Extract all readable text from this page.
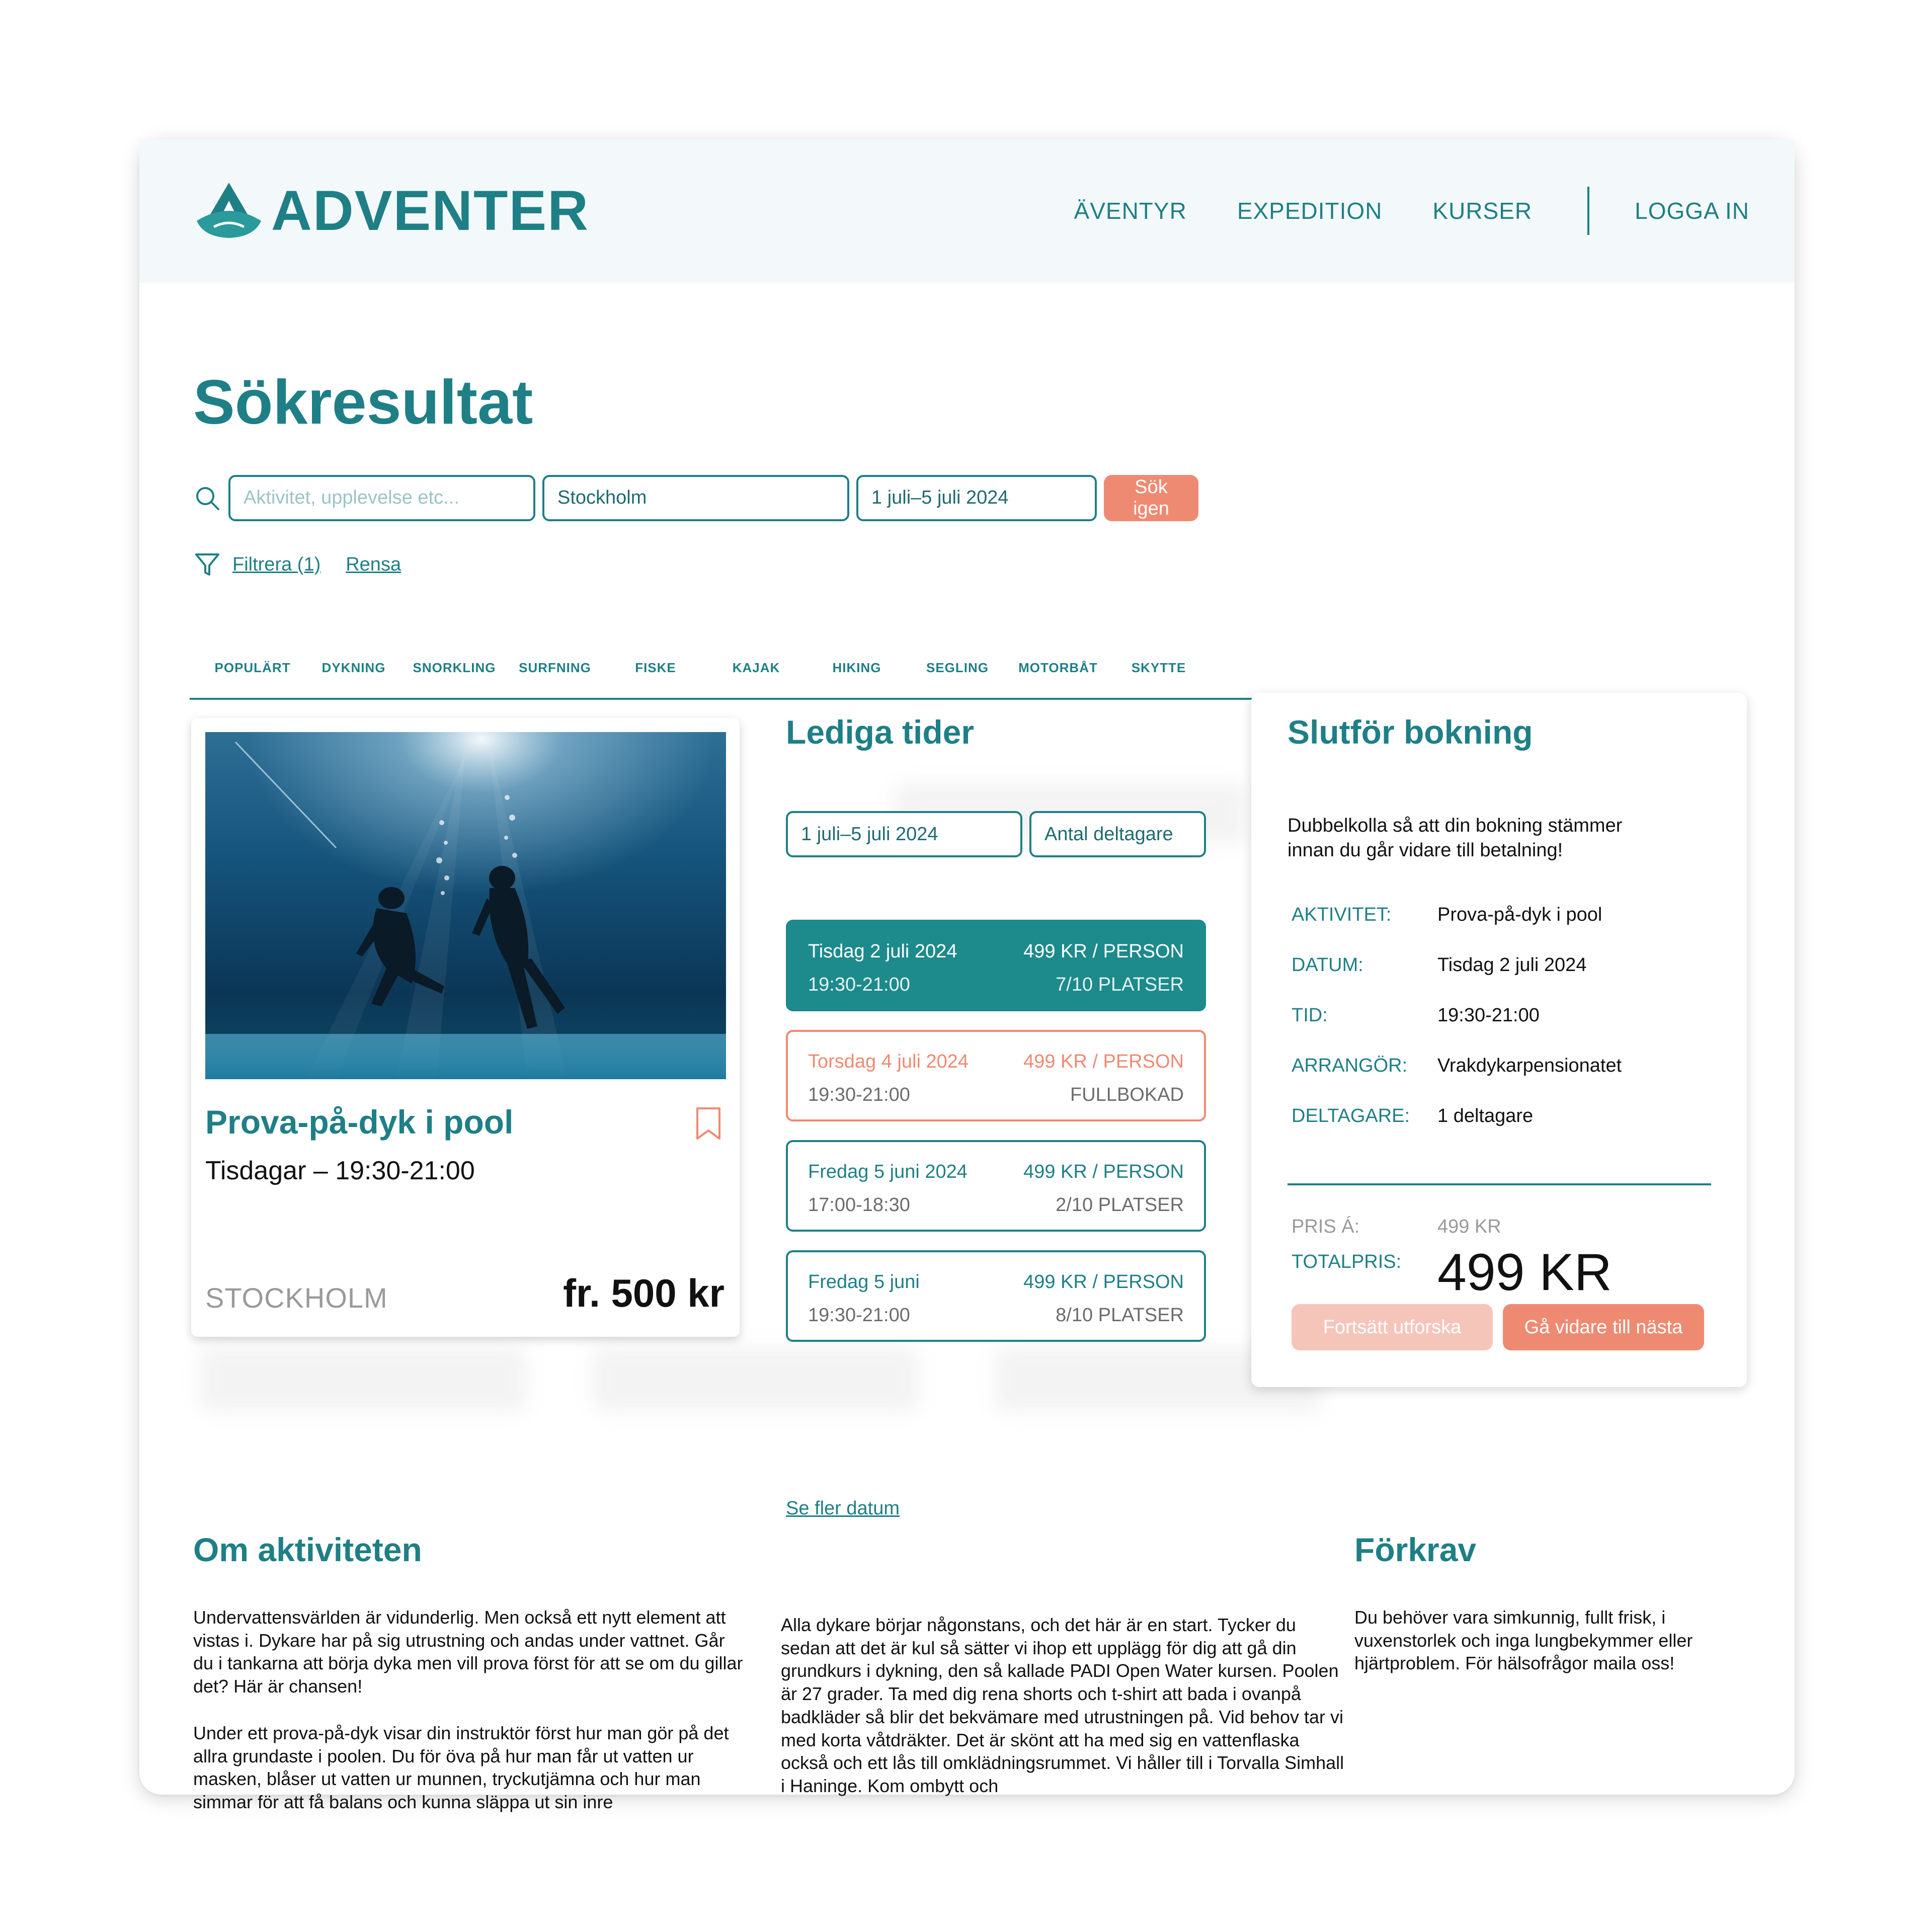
ADVENTER	ÄVENTYR EXPEDITION KURSER	LOGGA IN
Sökresultat
Aktivitet, upplevelse etc...
Stockholm	1 juli–5 juli 2024
Sök igen
Filtrera (1) Rensa
POPULÄRT	DYKNING	SNORKLING	SURFNING	FISKE	KAJAK	HIKING	SEGLING	MOTORBÅT	SKYTTE
Prova-på-dyk i pool
Tisdagar – 19:30-21:00
STOCKHOLM	fr. 500 kr
Lediga tider
1 juli–5 juli 2024	Antal deltagare
Tisdag 2 juli 2024	499 KR / PERSON
19:30-21:00	7/10 PLATSER
Torsdag 4 juli 2024	499 KR / PERSON
19:30-21:00	FULLBOKAD
Fredag 5 juni 2024	499 KR / PERSON
17:00-18:30	2/10 PLATSER
Fredag 5 juni	499 KR / PERSON
19:30-21:00	8/10 PLATSER
Se fler datum
Slutför bokning
Dubbelkolla så att din bokning stämmer innan du går vidare till betalning!
AKTIVITET: Prova-på-dyk i pool
DATUM:	Tisdag 2 juli 2024
TID:	19:30-21:00
ARRANGÖR: Vrakdykarpensionatet
DELTAGARE: 1 deltagare
PRIS Á:	499 KR
TOTALPRIS: 499 KR
Fortsätt utforska	Gå vidare till nästa
Om aktiviteten

Undervattensvärlden är vidunderlig. Men också ett nytt element att vistas i. Dykare har på sig utrustning och andas under vattnet. Går du i tankarna att börja dyka men vill prova först för att se om du gillar det? Här är chansen!

Under ett prova-på-dyk visar din instruktör först hur man gör på det allra grundaste i poolen. Du för öva på hur man får ut vatten ur masken, blåser ut vatten ur munnen, tryckutjämna och hur man simmar för att få balans och kunna släppa ut sin inre

Alla dykare börjar någonstans, och det här är en start. Tycker du sedan att det är kul så sätter vi ihop ett upplägg för dig att gå din grundkurs i dykning, den så kallade PADI Open Water kursen. Poolen är 27 grader. Ta med dig rena shorts och t-shirt att bada i ovanpå badkläder så blir det bekvämare med utrustningen på. Vid behov tar vi med korta våtdräkter. Det är skönt att ha med sig en vattenflaska också och ett lås till omklädningsrummet. Vi håller till i Torvalla Simhall i Haninge. Kom ombytt och

Förkrav

Du behöver vara simkunnig, fullt frisk, i vuxenstorlek och inga lungbekymmer eller hjärtproblem. För hälsofrågor maila oss!
